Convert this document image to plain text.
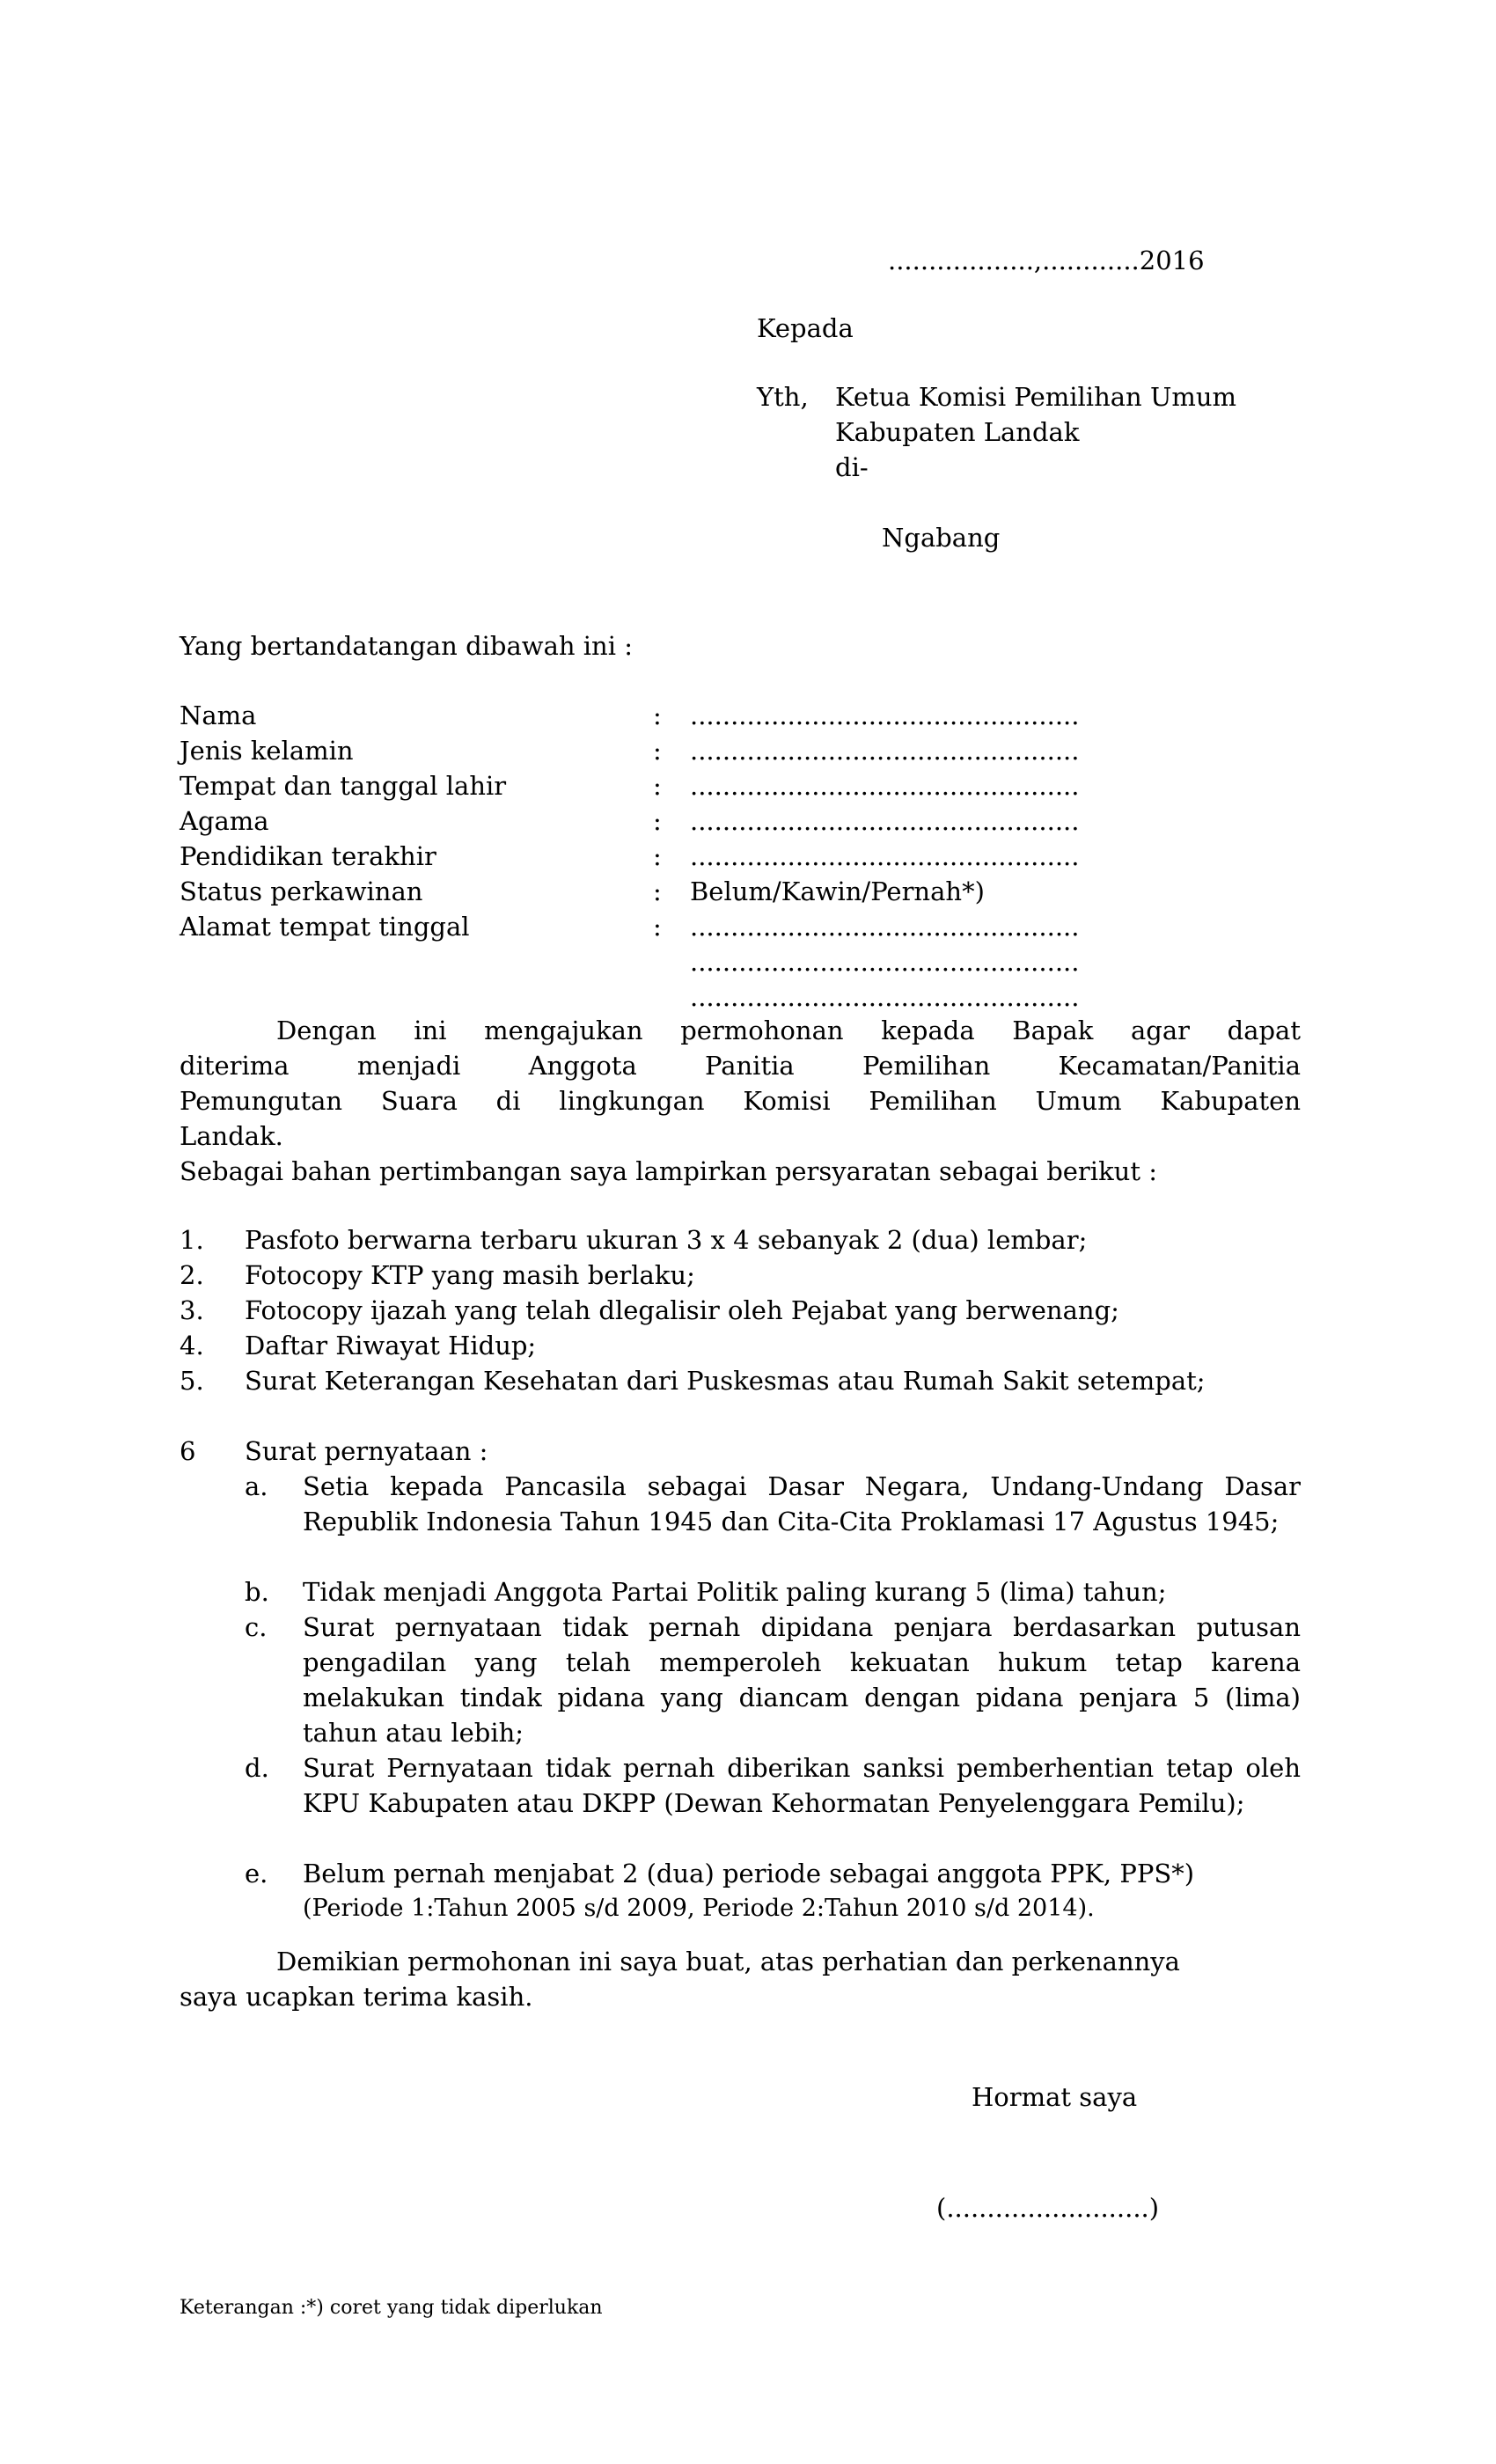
..................,............2016
Kepada
Yth, Ketua Komisi Pemilihan Umum
Kabupaten Landak
di-
Ngabang
Yang bertandatangan dibawah ini :
Nama	: ................................................
Jenis kelamin	: ................................................
Tempat dan tanggal lahir	: ................................................
Agama	: ................................................
Pendidikan terakhir	: ................................................
Status perkawinan	: Belum/Kawin/Pernah*)
Alamat tempat tinggal	: ................................................
................................................
................................................
Dengan ini mengajukan permohonan kepada Bapak agar dapat
diterima menjadi Anggota Panitia Pemilihan Kecamatan/Panitia
Pemungutan Suara di lingkungan Komisi Pemilihan Umum Kabupaten
Landak.
Sebagai bahan pertimbangan saya lampirkan persyaratan sebagai berikut :
1. Pasfoto berwarna terbaru ukuran 3 x 4 sebanyak 2 (dua) lembar;
2. Fotocopy KTP yang masih berlaku;
3. Fotocopy ijazah yang telah dlegalisir oleh Pejabat yang berwenang;
4. Daftar Riwayat Hidup;
5. Surat Keterangan Kesehatan dari Puskesmas atau Rumah Sakit setempat;
6 Surat pernyataan :
a. Setia kepada Pancasila sebagai Dasar Negara, Undang-Undang Dasar Republik Indonesia Tahun 1945 dan Cita-Cita Proklamasi 17 Agustus 1945;
b. Tidak menjadi Anggota Partai Politik paling kurang 5 (lima) tahun;
c. Surat pernyataan tidak pernah dipidana penjara berdasarkan putusan pengadilan yang telah memperoleh kekuatan hukum tetap karena melakukan tindak pidana yang diancam dengan pidana penjara 5 (lima) tahun atau lebih;
d. Surat Pernyataan tidak pernah diberikan sanksi pemberhentian tetap oleh KPU Kabupaten atau DKPP (Dewan Kehormatan Penyelenggara Pemilu);
e. Belum pernah menjabat 2 (dua) periode sebagai anggota PPK, PPS*)
(Periode 1:Tahun 2005 s/d 2009, Periode 2:Tahun 2010 s/d 2014).
Demikian permohonan ini saya buat, atas perhatian dan perkenannya
saya ucapkan terima kasih.
Hormat saya
(.........................)
Keterangan :*) coret yang tidak diperlukan
